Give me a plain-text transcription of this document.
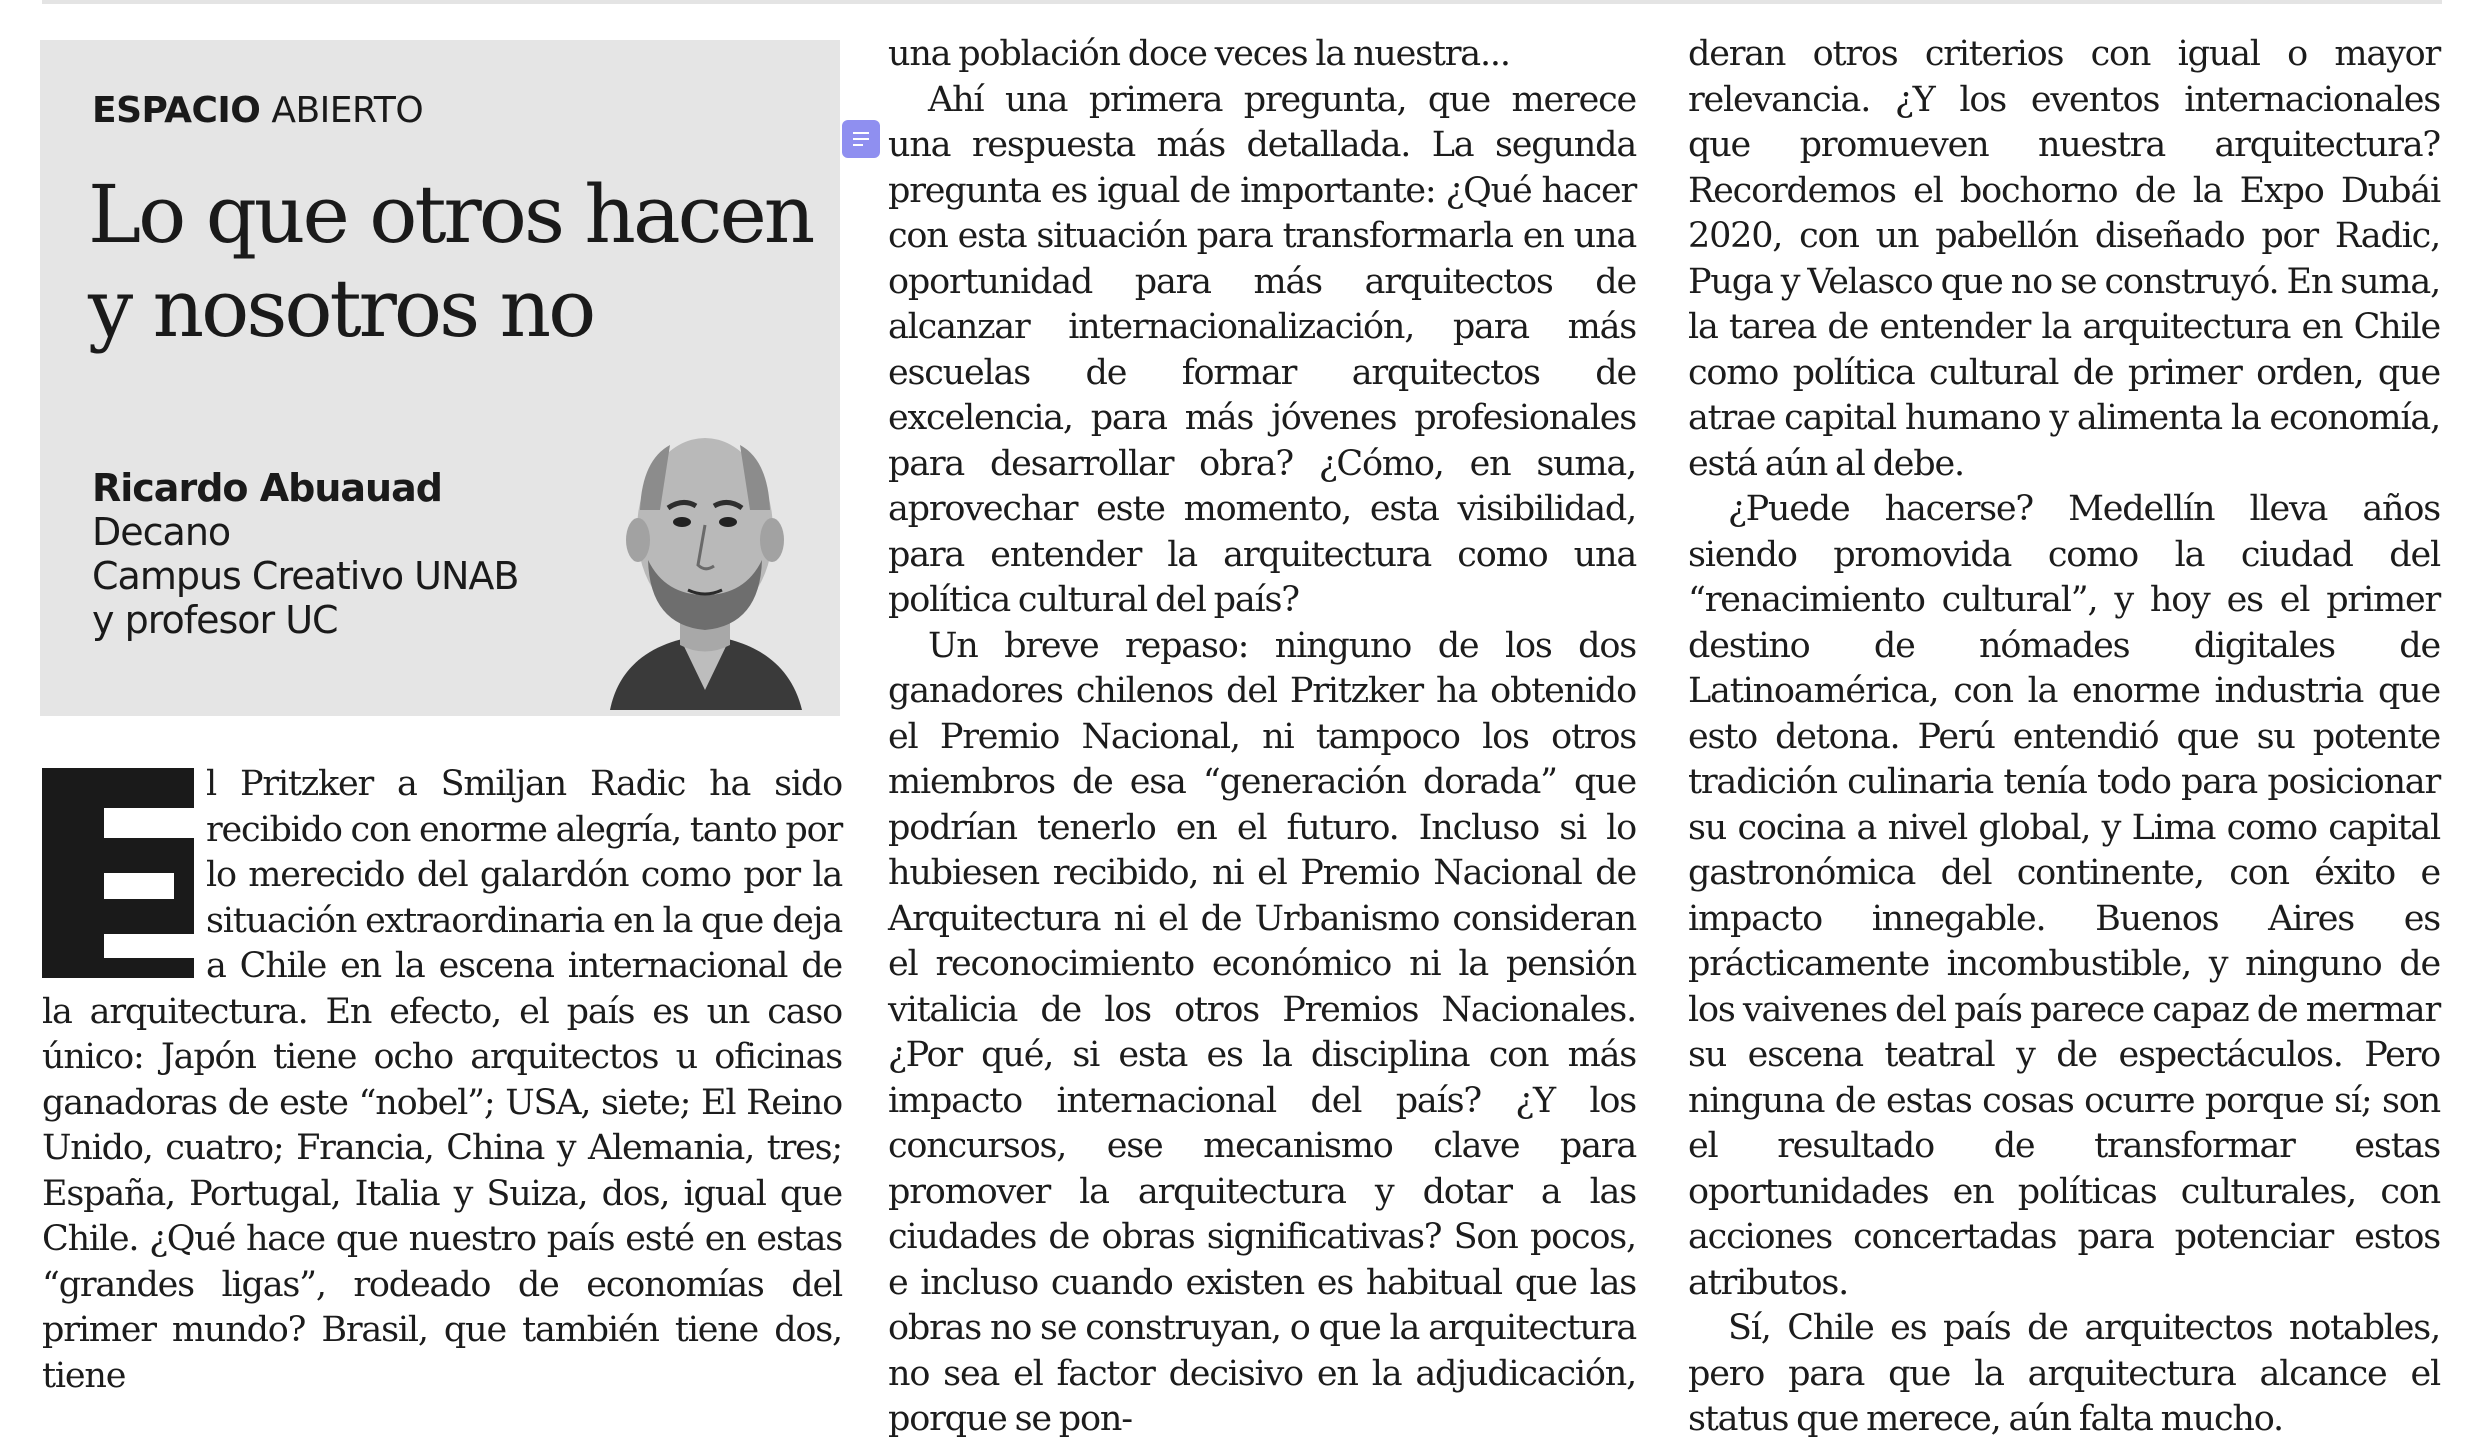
ESPACIO ABIERTO
Lo que otros hacen y nosotros no
Ricardo Abuauad
Decano
Campus Creativo UNAB
y profesor UC

l Pritzker a Smiljan Radic ha sido recibido con enorme alegría, tanto por lo merecido del galardón como por la situación extraordinaria en la que deja a Chile en la escena internacional de la arquitectura. En efecto, el país es un caso único: Japón tiene ocho arquitectos u oficinas ganadoras de este “nobel”; USA, siete; El Reino Unido, cuatro; Francia, China y Alemania, tres; España, Portugal, Italia y Suiza, dos, igual que Chile. ¿Qué hace que nuestro país esté en estas “grandes ligas”, rodeado de economías del primer mundo? Brasil, que también tiene dos, tiene

una población doce veces la nuestra...

Ahí una primera pregunta, que merece una respuesta más detallada. La segunda pregunta es igual de importante: ¿Qué hacer con esta situación para transformarla en una oportunidad para más arquitectos de alcanzar internacionalización, para más escuelas de formar arquitectos de excelencia, para más jóvenes profesionales para desarrollar obra? ¿Cómo, en suma, aprovechar este momento, esta visibilidad, para entender la arquitectura como una política cultural del país?

Un breve repaso: ninguno de los dos ganadores chilenos del Pritzker ha obtenido el Premio Nacional, ni tampoco los otros miembros de esa “generación dorada” que podrían tenerlo en el futuro. Incluso si lo hubiesen recibido, ni el Premio Nacional de Arquitectura ni el de Urbanismo consideran el reconocimiento económico ni la pensión vitalicia de los otros Premios Nacionales. ¿Por qué, si esta es la disciplina con más impacto internacional del país? ¿Y los concursos, ese mecanismo clave para promover la arquitectura y dotar a las ciudades de obras significativas? Son pocos, e incluso cuando existen es habitual que las obras no se construyan, o que la arquitectura no sea el factor decisivo en la adjudicación, porque se pon-

deran otros criterios con igual o mayor relevancia. ¿Y los eventos internacionales que promueven nuestra arquitectura? Recordemos el bochorno de la Expo Dubái 2020, con un pabellón diseñado por Radic, Puga y Velasco que no se construyó. En suma, la tarea de entender la arquitectura en Chile como política cultural de primer orden, que atrae capital humano y alimenta la economía, está aún al debe.

¿Puede hacerse? Medellín lleva años siendo promovida como la ciudad del “renacimiento cultural”, y hoy es el primer destino de nómades digitales de Latinoamérica, con la enorme industria que esto detona. Perú entendió que su potente tradición culinaria tenía todo para posicionar su cocina a nivel global, y Lima como capital gastronómica del continente, con éxito e impacto innegable. Buenos Aires es prácticamente incombustible, y ninguno de los vaivenes del país parece capaz de mermar su escena teatral y de espectáculos. Pero ninguna de estas cosas ocurre porque sí; son el resultado de transformar estas oportunidades en políticas culturales, con acciones concertadas para potenciar estos atributos.

Sí, Chile es país de arquitectos notables, pero para que la arquitectura alcance el status que merece, aún falta mucho.
